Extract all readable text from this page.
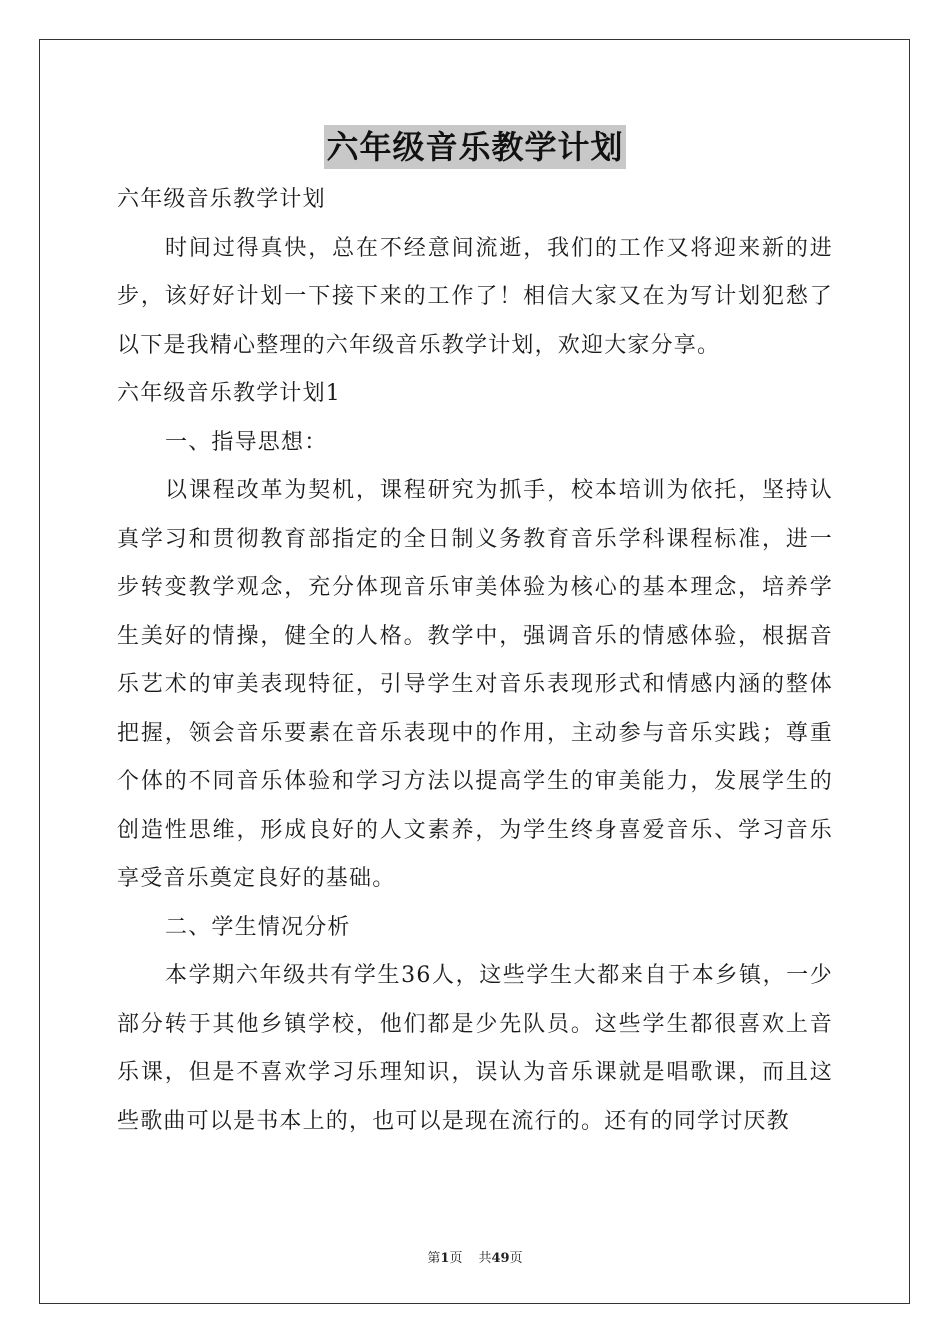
六年级音乐教学计划

六年级音乐教学计划

时间过得真快，总在不经意间流逝，我们的工作又将迎来新的进步，该好好计划一下接下来的工作了！相信大家又在为写计划犯愁了以下是我精心整理的六年级音乐教学计划，欢迎大家分享。

六年级音乐教学计划1

一、指导思想：

以课程改革为契机，课程研究为抓手，校本培训为依托，坚持认真学习和贯彻教育部指定的全日制义务教育音乐学科课程标准，进一步转变教学观念，充分体现音乐审美体验为核心的基本理念，培养学生美好的情操，健全的人格。教学中，强调音乐的情感体验，根据音乐艺术的审美表现特征，引导学生对音乐表现形式和情感内涵的整体把握，领会音乐要素在音乐表现中的作用，主动参与音乐实践；尊重个体的不同音乐体验和学习方法以提高学生的审美能力，发展学生的创造性思维，形成良好的人文素养，为学生终身喜爱音乐、学习音乐享受音乐奠定良好的基础。

二、学生情况分析

本学期六年级共有学生36人，这些学生大都来自于本乡镇，一少部分转于其他乡镇学校，他们都是少先队员。这些学生都很喜欢上音乐课，但是不喜欢学习乐理知识，误认为音乐课就是唱歌课，而且这些歌曲可以是书本上的，也可以是现在流行的。还有的同学讨厌教

第1页 共49页
